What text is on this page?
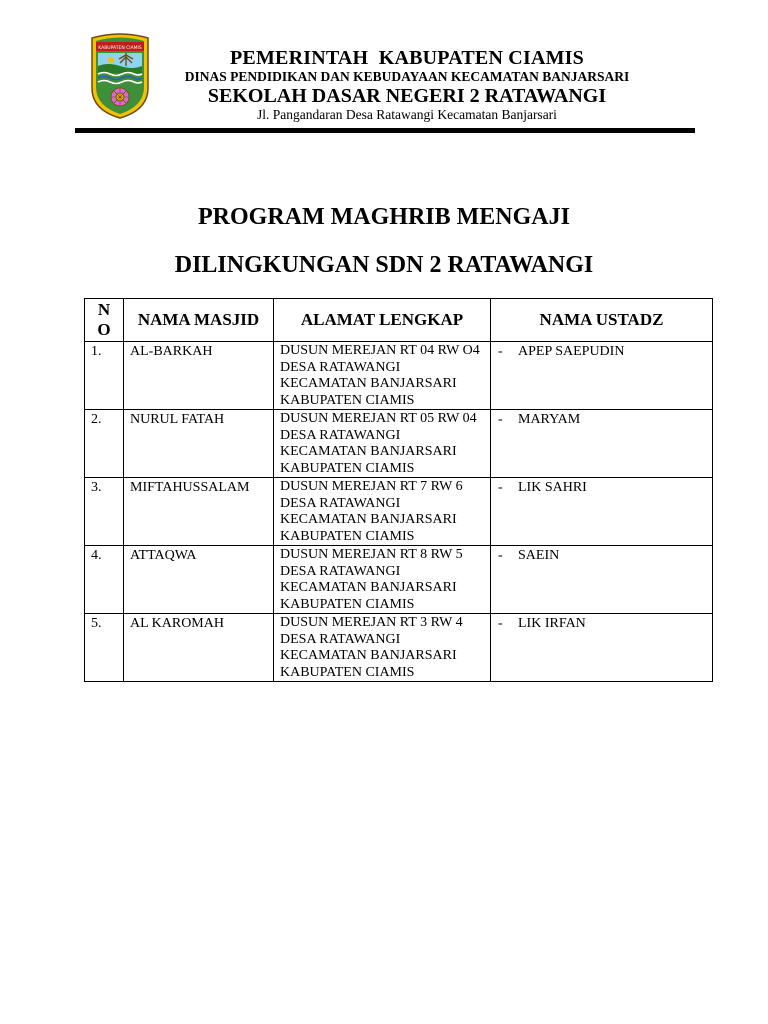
KABUPATEN CIAMIS	PEMERINTAH  KABUPATEN CIAMIS
DINAS PENDIDIKAN DAN KEBUDAYAAN KECAMATAN BANJARSARI
SEKOLAH DASAR NEGERI 2 RATAWANGI
Jl. Pangandaran Desa Ratawangi Kecamatan Banjarsari
PROGRAM MAGHRIB MENGAJI
DILINGKUNGAN SDN 2 RATAWANGI
N
O	NAMA MASJID	ALAMAT LENGKAP	NAMA USTADZ
1.	AL-BARKAH	DUSUN MEREJAN RT 04 RW O4
DESA RATAWANGI
KECAMATAN BANJARSARI
KABUPATEN CIAMIS	- APEP SAEPUDIN
2.	NURUL FATAH	DUSUN MEREJAN RT 05 RW 04
DESA RATAWANGI
KECAMATAN BANJARSARI
KABUPATEN CIAMIS	- MARYAM
3.	MIFTAHUSSALAM	DUSUN MEREJAN RT 7 RW 6
DESA RATAWANGI
KECAMATAN BANJARSARI
KABUPATEN CIAMIS	- LIK SAHRI
4.	ATTAQWA	DUSUN MEREJAN RT 8 RW 5
DESA RATAWANGI
KECAMATAN BANJARSARI
KABUPATEN CIAMIS	- SAEIN
5.	AL KAROMAH	DUSUN MEREJAN RT 3 RW 4
DESA RATAWANGI
KECAMATAN BANJARSARI
KABUPATEN CIAMIS	- LIK IRFAN
